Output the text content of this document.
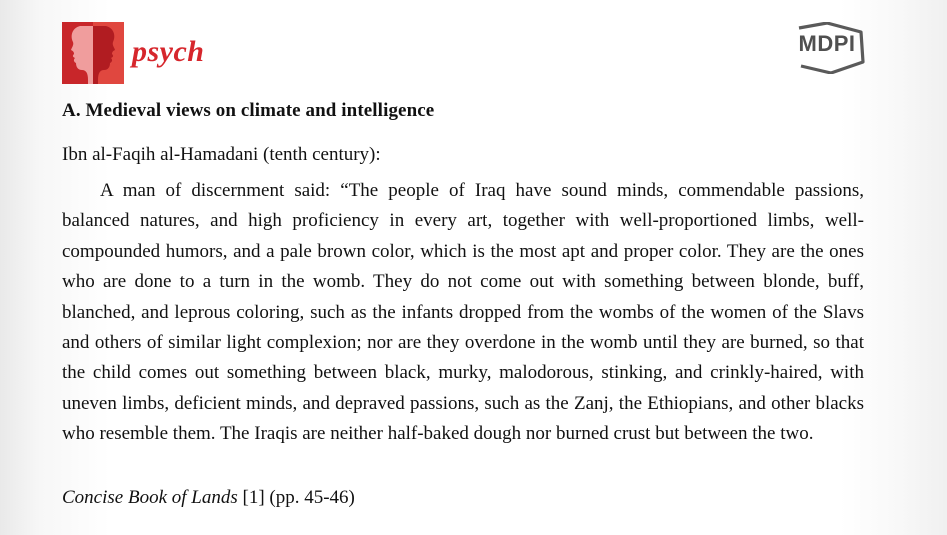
psych	MDPI
A. Medieval views on climate and intelligence

Ibn al-Faqih al-Hamadani (tenth century):

A man of discernment said: “The people of Iraq have sound minds, commendable passions, balanced natures, and high proficiency in every art, together with well-proportioned limbs, well-compounded humors, and a pale brown color, which is the most apt and proper color. They are the ones who are done to a turn in the womb. They do not come out with something between blonde, buff, blanched, and leprous coloring, such as the infants dropped from the wombs of the women of the Slavs and others of similar light complexion; nor are they overdone in the womb until they are burned, so that the child comes out something between black, murky, malodorous, stinking, and crinkly-haired, with uneven limbs, deficient minds, and depraved passions, such as the Zanj, the Ethiopians, and other blacks who resemble them. The Iraqis are neither half-baked dough nor burned crust but between the two.

Concise Book of Lands [1] (pp. 45-46)
